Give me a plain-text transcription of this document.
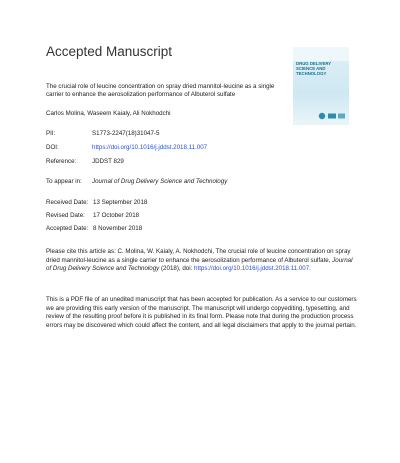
Accepted Manuscript
DRUG DELIVERY SCIENCE AND TECHNOLOGY
The crucial role of leucine concentration on spray dried mannitol-leucine as a single carrier to enhance the aerosolization performance of Albuterol sulfate
Carlos Molina, Waseem Kaialy, Ali Nokhodchi
PII:	S1773-2247(18)31047-5
DOI:	https://doi.org/10.1016/j.jddst.2018.11.007
Reference:	JDDST 829
To appear in: Journal of Drug Delivery Science and Technology
Received Date: 13 September 2018
Revised Date: 17 October 2018
Accepted Date: 8 November 2018
Please cite this article as: C. Molina, W. Kaialy, A. Nokhodchi, The crucial role of leucine concentration on spray dried mannitol-leucine as a single carrier to enhance the aerosolization performance of Albuterol sulfate, Journal of Drug Delivery Science and Technology (2018), doi: https://doi.org/10.1016/j.jddst.2018.11.007.
This is a PDF file of an unedited manuscript that has been accepted for publication. As a service to our customers we are providing this early version of the manuscript. The manuscript will undergo copyediting, typesetting, and review of the resulting proof before it is published in its final form. Please note that during the production process errors may be discovered which could affect the content, and all legal disclaimers that apply to the journal pertain.
